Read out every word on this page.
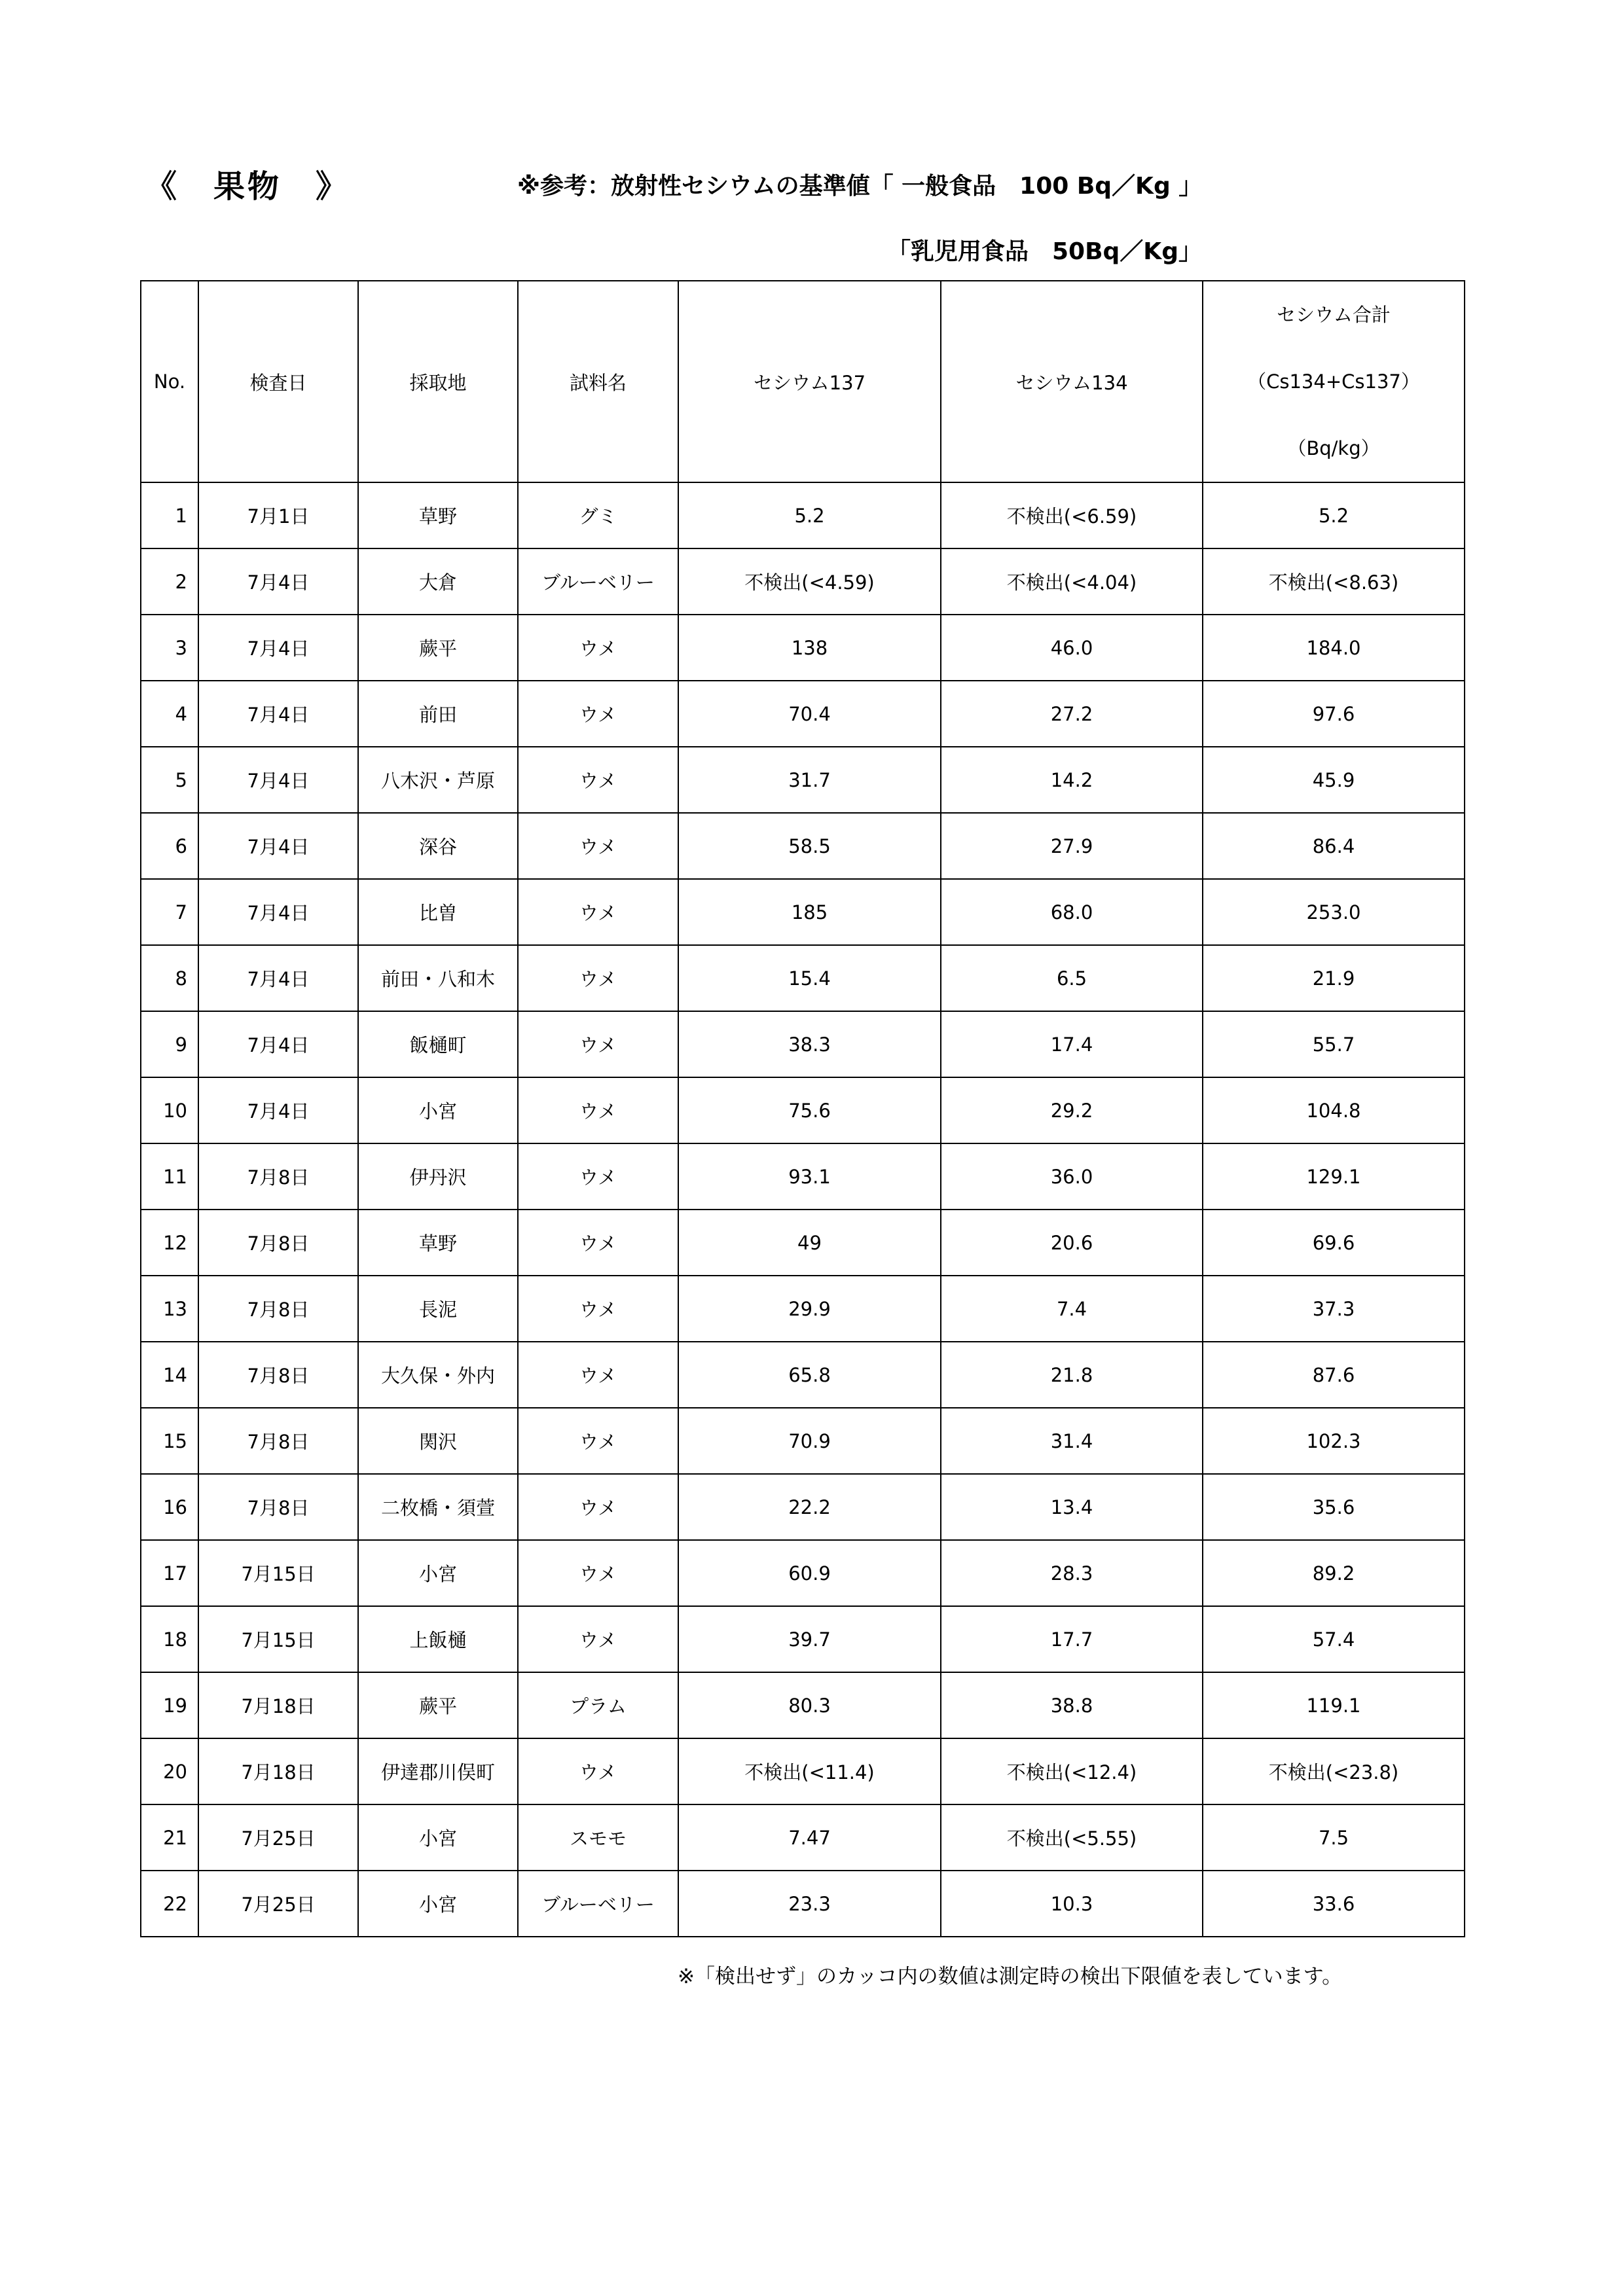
《　果物　》	※参考：放射性セシウムの基準値「 一般食品　100 Bq／Kg 」
「乳児用食品　50Bq／Kg」
No.	検査日	採取地	試料名	セシウム137	セシウム134	セシウム合計
（Cs134+Cs137）
（Bq/kg）

1	7月1日	草野	グミ	5.2	不検出(<6.59)	5.2
2	7月4日	大倉	ブルーベリー	不検出(<4.59)	不検出(<4.04)	不検出(<8.63)
3	7月4日	蕨平	ウメ	138	46.0	184.0
4	7月4日	前田	ウメ	70.4	27.2	97.6
5	7月4日	八木沢・芦原	ウメ	31.7	14.2	45.9
6	7月4日	深谷	ウメ	58.5	27.9	86.4
7	7月4日	比曽	ウメ	185	68.0	253.0
8	7月4日	前田・八和木	ウメ	15.4	6.5	21.9
9	7月4日	飯樋町	ウメ	38.3	17.4	55.7
10	7月4日	小宮	ウメ	75.6	29.2	104.8
11	7月8日	伊丹沢	ウメ	93.1	36.0	129.1
12	7月8日	草野	ウメ	49	20.6	69.6
13	7月8日	長泥	ウメ	29.9	7.4	37.3
14	7月8日	大久保・外内	ウメ	65.8	21.8	87.6
15	7月8日	関沢	ウメ	70.9	31.4	102.3
16	7月8日	二枚橋・須萱	ウメ	22.2	13.4	35.6
17	7月15日	小宮	ウメ	60.9	28.3	89.2
18	7月15日	上飯樋	ウメ	39.7	17.7	57.4
19	7月18日	蕨平	プラム	80.3	38.8	119.1
20	7月18日	伊達郡川俣町	ウメ	不検出(<11.4)	不検出(<12.4)	不検出(<23.8)
21	7月25日	小宮	スモモ	7.47	不検出(<5.55)	7.5
22	7月25日	小宮	ブルーベリー	23.3	10.3	33.6
※「検出せず」のカッコ内の数値は測定時の検出下限値を表しています。
